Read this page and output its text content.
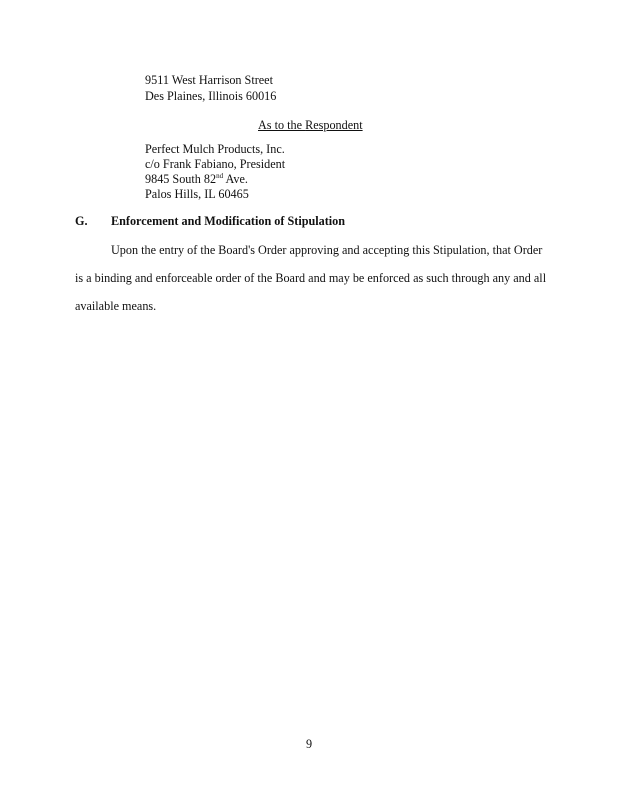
9511 West Harrison Street
Des Plaines, Illinois 60016
As to the Respondent
Perfect Mulch Products, Inc.
c/o Frank Fabiano, President
9845 South 82nd Ave.
Palos Hills, IL 60465
G. Enforcement and Modification of Stipulation
Upon the entry of the Board's Order approving and accepting this Stipulation, that Order
is a binding and enforceable order of the Board and may be enforced as such through any and all
available means.
9
